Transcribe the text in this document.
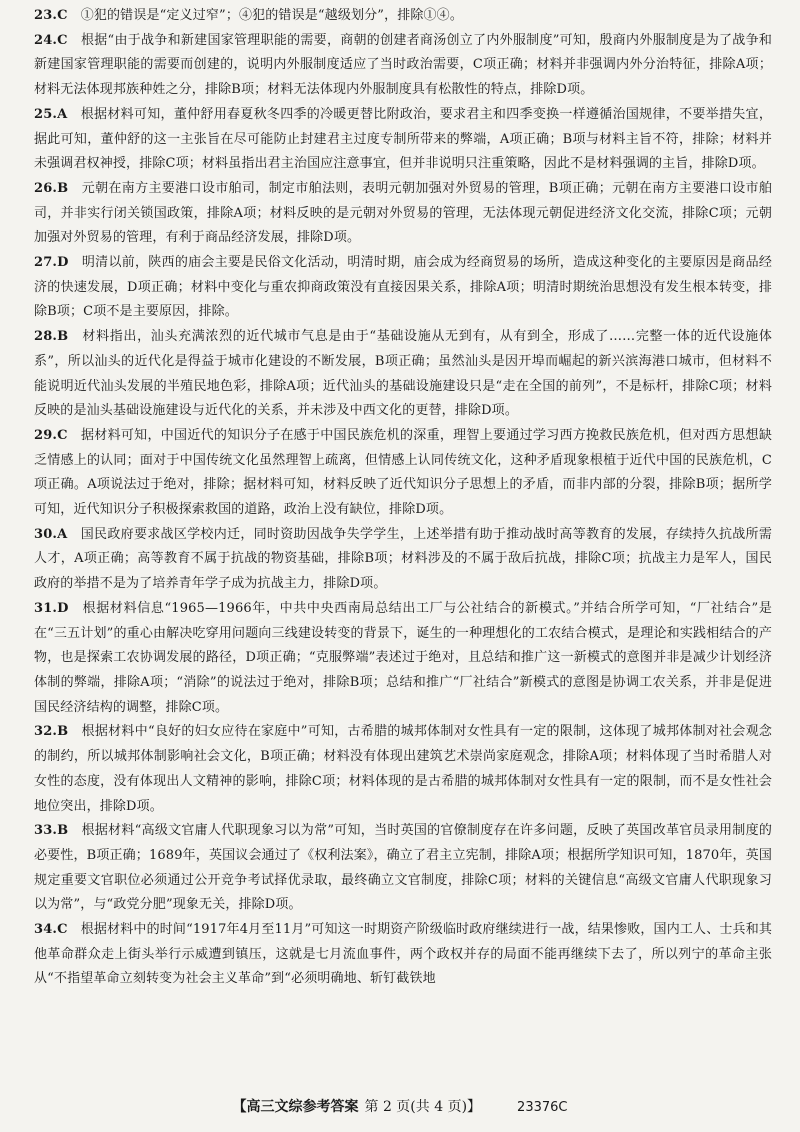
23.C　 ①犯的错误是“定义过窄”；④犯的错误是“越级划分”，排除①④。

24.C　 根据“由于战争和新建国家管理职能的需要，商朝的创建者商汤创立了内外服制度”可知，殷商内外服制度是为了战争和新建国家管理职能的需要而创建的，说明内外服制度适应了当时政治需要，C项正确；材料并非强调内外分治特征，排除A项；材料无法体现邦族种姓之分，排除B项；材料无法体现内外服制度具有松散性的特点，排除D项。

25.A　 根据材料可知，董仲舒用春夏秋冬四季的冷暖更替比附政治，要求君主和四季变换一样遵循治国规律，不要举措失宜，据此可知，董仲舒的这一主张旨在尽可能防止封建君主过度专制所带来的弊端，A项正确；B项与材料主旨不符，排除；材料并未强调君权神授，排除C项；材料虽指出君主治国应注意事宜，但并非说明只注重策略，因此不是材料强调的主旨，排除D项。

26.B　 元朝在南方主要港口设市舶司，制定市舶法则，表明元朝加强对外贸易的管理，B项正确；元朝在南方主要港口设市舶司，并非实行闭关锁国政策，排除A项；材料反映的是元朝对外贸易的管理，无法体现元朝促进经济文化交流，排除C项；元朝加强对外贸易的管理，有利于商品经济发展，排除D项。

27.D　 明清以前，陕西的庙会主要是民俗文化活动，明清时期，庙会成为经商贸易的场所，造成这种变化的主要原因是商品经济的快速发展，D项正确；材料中变化与重农抑商政策没有直接因果关系，排除A项；明清时期统治思想没有发生根本转变，排除B项；C项不是主要原因，排除。

28.B　 材料指出，汕头充满浓烈的近代城市气息是由于“基础设施从无到有，从有到全，形成了……完整一体的近代设施体系”，所以汕头的近代化是得益于城市化建设的不断发展，B项正确；虽然汕头是因开埠而崛起的新兴滨海港口城市，但材料不能说明近代汕头发展的半殖民地色彩，排除A项；近代汕头的基础设施建设只是“走在全国的前列”，不是标杆，排除C项；材料反映的是汕头基础设施建设与近代化的关系，并未涉及中西文化的更替，排除D项。

29.C　 据材料可知，中国近代的知识分子在感于中国民族危机的深重，理智上要通过学习西方挽救民族危机，但对西方思想缺乏情感上的认同；面对于中国传统文化虽然理智上疏离，但情感上认同传统文化，这种矛盾现象根植于近代中国的民族危机，C项正确。A项说法过于绝对，排除；据材料可知，材料反映了近代知识分子思想上的矛盾，而非内部的分裂，排除B项；据所学可知，近代知识分子积极探索救国的道路，政治上没有缺位，排除D项。

30.A　 国民政府要求战区学校内迁，同时资助因战争失学学生，上述举措有助于推动战时高等教育的发展，存续持久抗战所需人才，A项正确；高等教育不属于抗战的物资基础，排除B项；材料涉及的不属于敌后抗战，排除C项；抗战主力是军人，国民政府的举措不是为了培养青年学子成为抗战主力，排除D项。

31.D　 根据材料信息“1965—1966年，中共中央西南局总结出工厂与公社结合的新模式。”并结合所学可知，“厂社结合”是在“三五计划”的重心由解决吃穿用问题向三线建设转变的背景下，诞生的一种理想化的工农结合模式，是理论和实践相结合的产物，也是探索工农协调发展的路径，D项正确；“克服弊端”表述过于绝对，且总结和推广这一新模式的意图并非是减少计划经济体制的弊端，排除A项；“消除”的说法过于绝对，排除B项；总结和推广“厂社结合”新模式的意图是协调工农关系，并非是促进国民经济结构的调整，排除C项。

32.B　 根据材料中“良好的妇女应待在家庭中”可知，古希腊的城邦体制对女性具有一定的限制，这体现了城邦体制对社会观念的制约，所以城邦体制影响社会文化，B项正确；材料没有体现出建筑艺术崇尚家庭观念，排除A项；材料体现了当时希腊人对女性的态度，没有体现出人文精神的影响，排除C项；材料体现的是古希腊的城邦体制对女性具有一定的限制，而不是女性社会地位突出，排除D项。

33.B　 根据材料“高级文官庸人代职现象习以为常”可知，当时英国的官僚制度存在许多问题，反映了英国改革官员录用制度的必要性，B项正确；1689年，英国议会通过了《权利法案》，确立了君主立宪制，排除A项；根据所学知识可知，1870年，英国规定重要文官职位必须通过公开竞争考试择优录取，最终确立文官制度，排除C项；材料的关键信息“高级文官庸人代职现象习以为常”，与“政党分肥”现象无关，排除D项。

34.C　 根据材料中的时间“1917年4月至11月”可知这一时期资产阶级临时政府继续进行一战，结果惨败，国内工人、士兵和其他革命群众走上街头举行示威遭到镇压，这就是七月流血事件，两个政权并存的局面不能再继续下去了，所以列宁的革命主张从“不指望革命立刻转变为社会主义革命”到“必须明确地、斩钉截铁地

【高三文综参考答案 第 2 页(共 4 页)】	23376C
